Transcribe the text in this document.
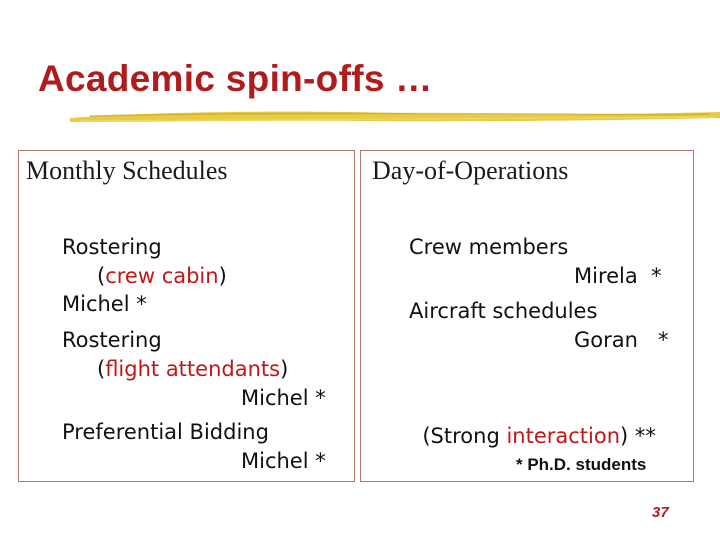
Academic spin-offs …
Monthly Schedules	Day-of-Operations
Rostering
(crew cabin)
Michel *
Rostering
(flight attendants)
Michel *
Preferential Bidding
Michel *
Crew members
Mirela  *
Aircraft schedules
Goran   *

(Strong interaction) **

* Ph.D. students
37
